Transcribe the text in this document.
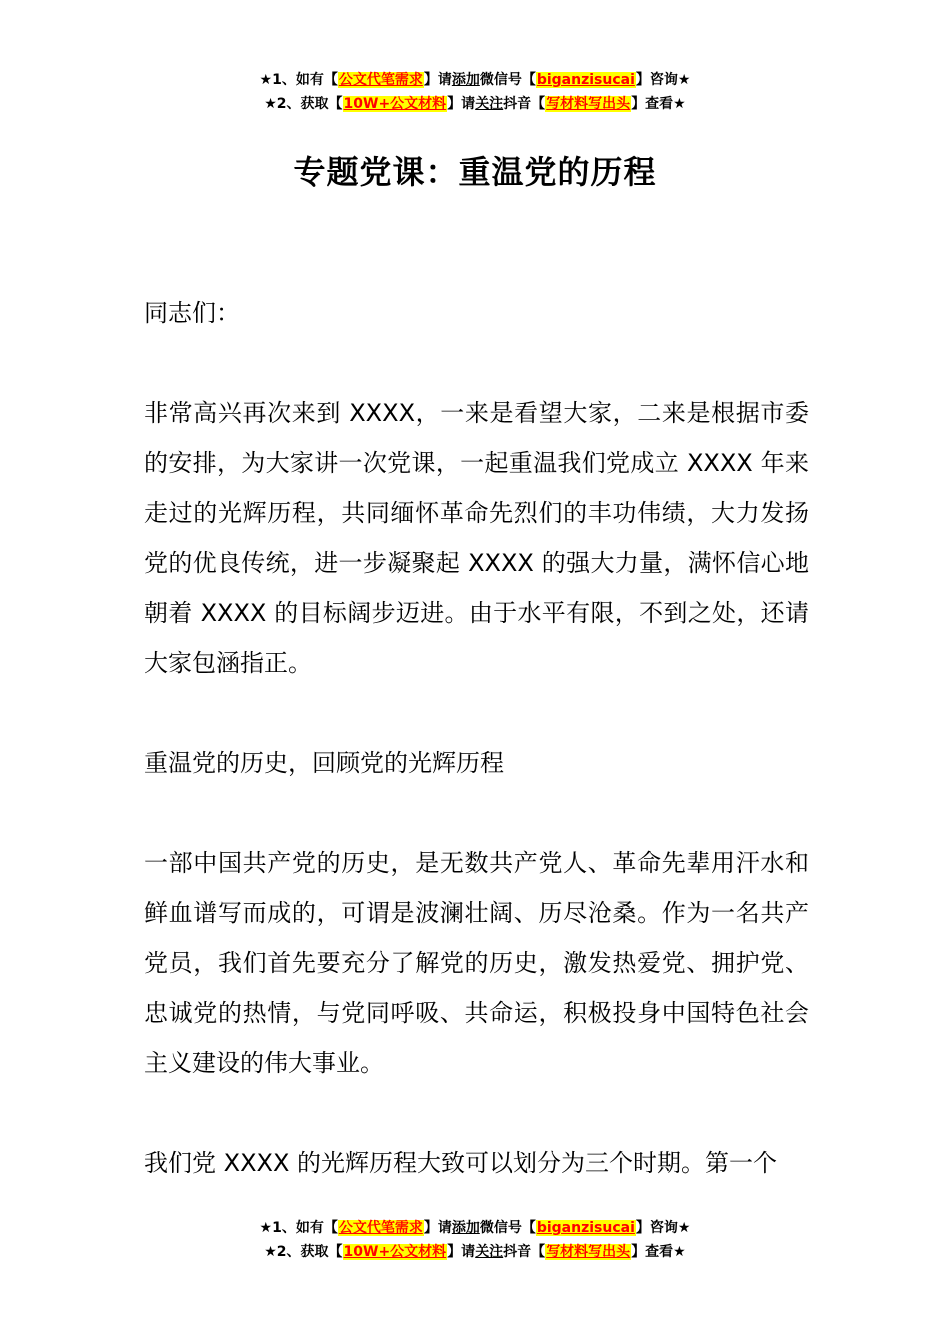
★1、如有【公文代笔需求】请添加微信号【biganzisucai】咨询★
★2、获取【10W+公文材料】请关注抖音【写材料写出头】查看★
专题党课：重温党的历程

同志们：

非常高兴再次来到 XXXX，一来是看望大家，二来是根据市委的安排，为大家讲一次党课，一起重温我们党成立 XXXX 年来走过的光辉历程，共同缅怀革命先烈们的丰功伟绩，大力发扬党的优良传统，进一步凝聚起 XXXX 的强大力量，满怀信心地朝着 XXXX 的目标阔步迈进。由于水平有限，不到之处，还请大家包涵指正。

重温党的历史，回顾党的光辉历程

一部中国共产党的历史，是无数共产党人、革命先辈用汗水和鲜血谱写而成的，可谓是波澜壮阔、历尽沧桑。作为一名共产党员，我们首先要充分了解党的历史，激发热爱党、拥护党、忠诚党的热情，与党同呼吸、共命运，积极投身中国特色社会主义建设的伟大事业。

我们党 XXXX 的光辉历程大致可以划分为三个时期。第一个

★1、如有【公文代笔需求】请添加微信号【biganzisucai】咨询★
★2、获取【10W+公文材料】请关注抖音【写材料写出头】查看★
